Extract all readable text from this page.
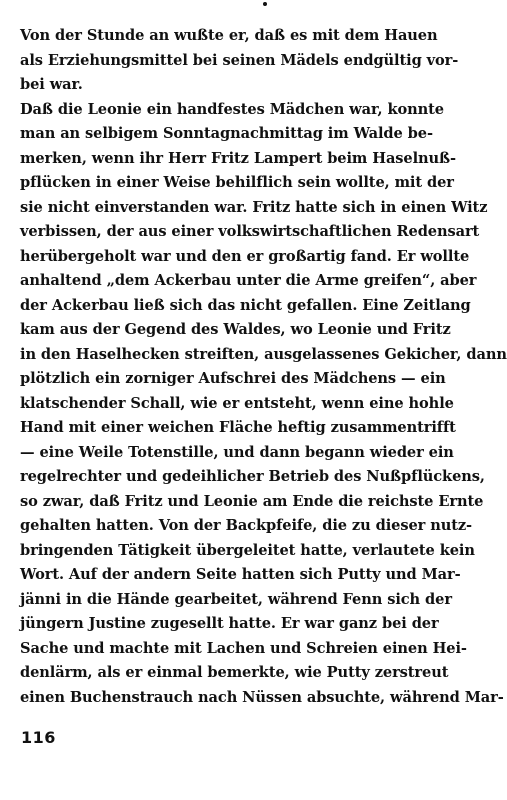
Von der Stunde an wußte er, daß es mit dem Hauen
als Erziehungsmittel bei seinen Mädels endgültig vor-
bei war.
Daß die Leonie ein handfestes Mädchen war, konnte
man an selbigem Sonntagnachmittag im Walde be-
merken, wenn ihr Herr Fritz Lampert beim Haselnuß-
pflücken in einer Weise behilflich sein wollte, mit der
sie nicht einverstanden war. Fritz hatte sich in einen Witz
verbissen, der aus einer volkswirtschaftlichen Redensart
herübergeholt war und den er großartig fand. Er wollte
anhaltend „dem Ackerbau unter die Arme greifen“, aber
der Ackerbau ließ sich das nicht gefallen. Eine Zeitlang
kam aus der Gegend des Waldes, wo Leonie und Fritz
in den Haselhecken streiften, ausgelassenes Gekicher, dann
plötzlich ein zorniger Aufschrei des Mädchens — ein
klatschender Schall, wie er entsteht, wenn eine hohle
Hand mit einer weichen Fläche heftig zusammentrifft
— eine Weile Totenstille, und dann begann wieder ein
regelrechter und gedeihlicher Betrieb des Nußpflückens,
so zwar, daß Fritz und Leonie am Ende die reichste Ernte
gehalten hatten. Von der Backpfeife, die zu dieser nutz-
bringenden Tätigkeit übergeleitet hatte, verlautete kein
Wort. Auf der andern Seite hatten sich Putty und Mar-
jänni in die Hände gearbeitet, während Fenn sich der
jüngern Justine zugesellt hatte. Er war ganz bei der
Sache und machte mit Lachen und Schreien einen Hei-
denlärm, als er einmal bemerkte, wie Putty zerstreut
einen Buchenstrauch nach Nüssen absuchte, während Mar-
116
